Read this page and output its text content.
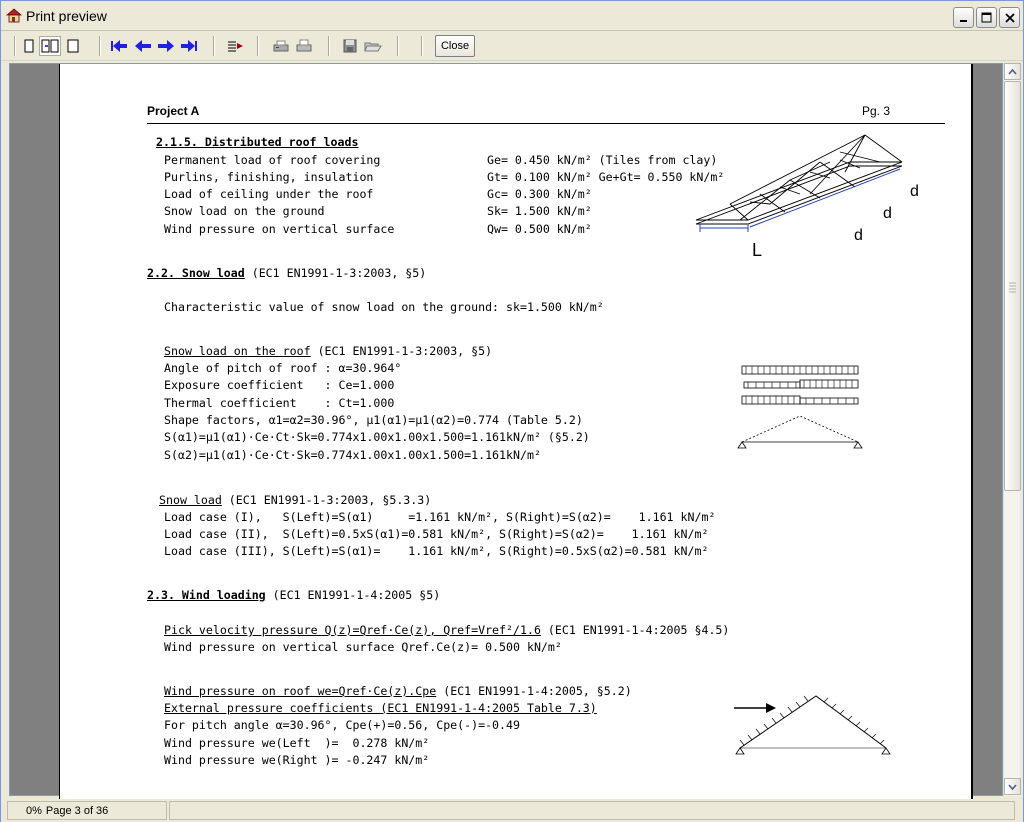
Print preview
Close
Project A	Pg. 3
2.1.5. Distributed roof loads
Permanent load of roof covering	Ge= 0.450 kN/m² (Tiles from clay)
Purlins, finishing, insulation	Gt= 0.100 kN/m² Ge+Gt= 0.550 kN/m²
Load of ceiling under the roof	Gc= 0.300 kN/m²
Snow load on the ground	Sk= 1.500 kN/m²
Wind pressure on vertical surface	Qw= 0.500 kN/m²
L
d
d
d
2.2. Snow load (EC1 EN1991-1-3:2003, §5)
Characteristic value of snow load on the ground: sk=1.500 kN/m²
Snow load on the roof (EC1 EN1991-1-3:2003, §5)
Angle of pitch of roof : α=30.964°
Exposure coefficient   : Ce=1.000
Thermal coefficient    : Ct=1.000
Shape factors, α1=α2=30.96°, μ1(α1)=μ1(α2)=0.774 (Table 5.2)
S(α1)=μ1(α1)·Ce·Ct·Sk=0.774x1.00x1.00x1.500=1.161kN/m² (§5.2)
S(α2)=μ1(α1)·Ce·Ct·Sk=0.774x1.00x1.00x1.500=1.161kN/m²
Snow load (EC1 EN1991-1-3:2003, §5.3.3)
Load case (I),   S(Left)=S(α1)     =1.161 kN/m², S(Right)=S(α2)=    1.161 kN/m²
Load case (II),  S(Left)=0.5xS(α1)=0.581 kN/m², S(Right)=S(α2)=    1.161 kN/m²
Load case (III), S(Left)=S(α1)=    1.161 kN/m², S(Right)=0.5xS(α2)=0.581 kN/m²
2.3. Wind loading (EC1 EN1991-1-4:2005 §5)
Pick velocity pressure Q(z)=Qref·Ce(z), Qref=Vref²/1.6 (EC1 EN1991-1-4:2005 §4.5)
Wind pressure on vertical surface Qref.Ce(z)= 0.500 kN/m²
Wind pressure on roof we=Qref·Ce(z).Cpe (EC1 EN1991-1-4:2005, §5.2)
External pressure coefficients (EC1 EN1991-1-4:2005 Table 7.3)
For pitch angle α=30.96°, Cpe(+)=0.56, Cpe(-)=-0.49
Wind pressure we(Left  )=  0.278 kN/m²
Wind pressure we(Right )= -0.247 kN/m²
0% Page 3 of 36
